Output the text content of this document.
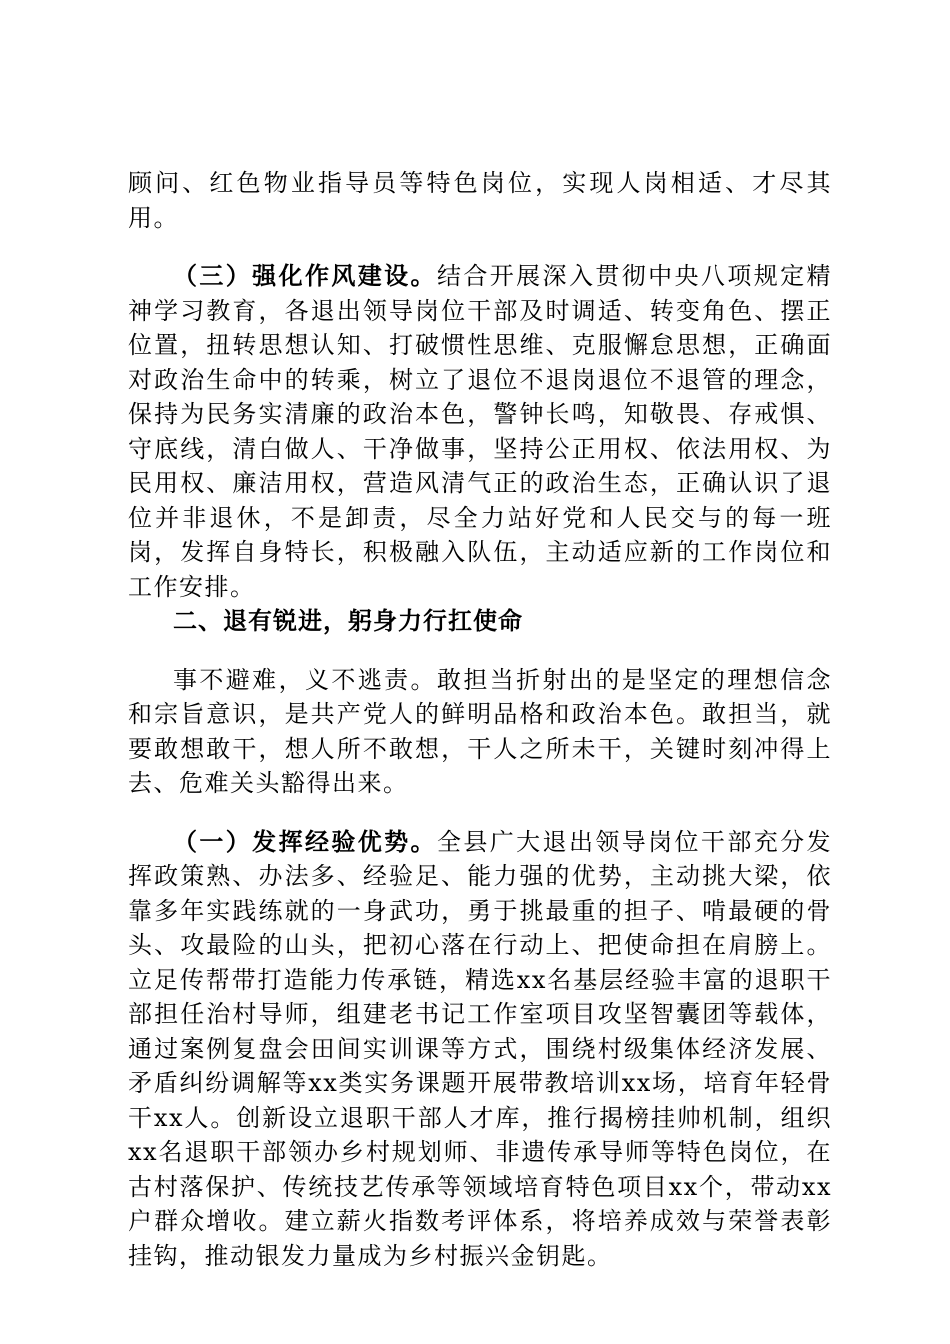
顾问、红色物业指导员等特色岗位，实现人岗相适、才尽其用。

（三）强化作风建设。结合开展深入贯彻中央八项规定精神学习教育，各退出领导岗位干部及时调适、转变角色、摆正位置，扭转思想认知、打破惯性思维、克服懈怠思想，正确面对政治生命中的转乘，树立了退位不退岗退位不退管的理念，保持为民务实清廉的政治本色，警钟长鸣，知敬畏、存戒惧、守底线，清白做人、干净做事，坚持公正用权、依法用权、为民用权、廉洁用权，营造风清气正的政治生态，正确认识了退位并非退休，不是卸责，尽全力站好党和人民交与的每一班岗，发挥自身特长，积极融入队伍，主动适应新的工作岗位和工作安排。

二、退有锐进，躬身力行扛使命

事不避难，义不逃责。敢担当折射出的是坚定的理想信念和宗旨意识，是共产党人的鲜明品格和政治本色。敢担当，就要敢想敢干，想人所不敢想，干人之所未干，关键时刻冲得上去、危难关头豁得出来。

（一）发挥经验优势。全县广大退出领导岗位干部充分发挥政策熟、办法多、经验足、能力强的优势，主动挑大梁，依靠多年实践练就的一身武功，勇于挑最重的担子、啃最硬的骨头、攻最险的山头，把初心落在行动上、把使命担在肩膀上。立足传帮带打造能力传承链，精选xx名基层经验丰富的退职干部担任治村导师，组建老书记工作室项目攻坚智囊团等载体，通过案例复盘会田间实训课等方式，围绕村级集体经济发展、矛盾纠纷调解等xx类实务课题开展带教培训xx场，培育年轻骨干xx人。创新设立退职干部人才库，推行揭榜挂帅机制，组织xx名退职干部领办乡村规划师、非遗传承导师等特色岗位，在古村落保护、传统技艺传承等领域培育特色项目xx个，带动xx户群众增收。建立薪火指数考评体系，将培养成效与荣誉表彰挂钩，推动银发力量成为乡村振兴金钥匙。
